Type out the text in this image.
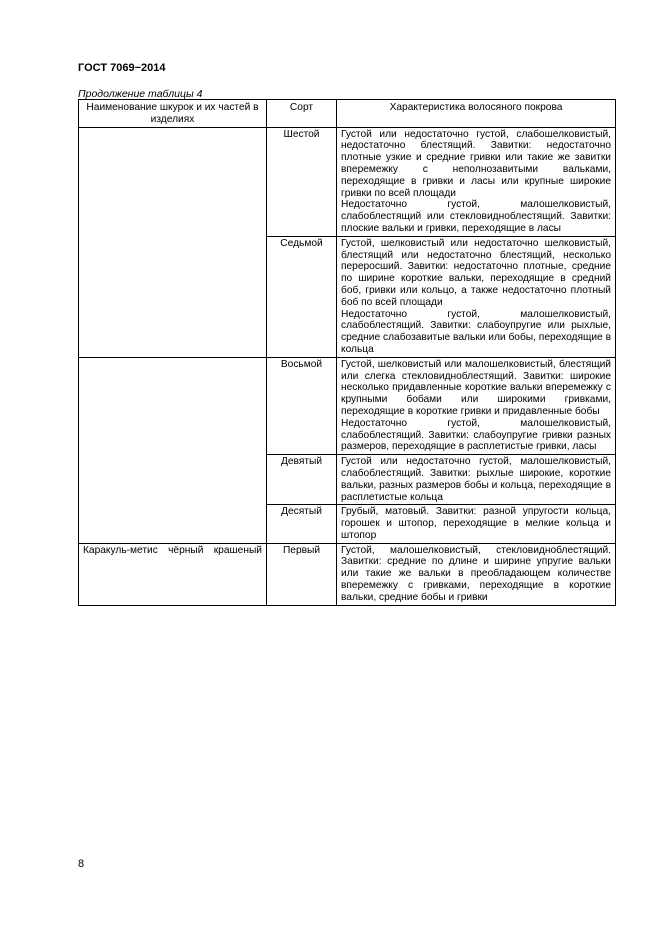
ГОСТ 7069−2014
Продолжение таблицы 4
Наименование шкурок и их частей в изделиях	Сорт	Характеристика волосяного покрова
	Шестой	Густой или недостаточно густой, слабошелковистый, недостаточно блестящий. Завитки: недостаточно плотные узкие и средние гривки или такие же завитки вперемежку с неполнозавитыми вальками, переходящие в гривки и ласы или крупные широкие гривки по всей площади
Недостаточно густой, малошелковистый, слабоблестящий или стекловидноблестящий. Завитки: плоские вальки и гривки, переходящие в ласы

	Седьмой	Густой, шелковистый или недостаточно шелковистый, блестящий или недостаточно блестящий, несколько переросший. Завитки: недостаточно плотные, средние по ширине короткие вальки, переходящие в средний боб, гривки или кольцо, а также недостаточно плотный боб по всей площади
Недостаточно густой, малошелковистый, слабоблестящий. Завитки: слабоупругие или рыхлые, средние слабозавитые вальки или бобы, переходящие в кольца

	Восьмой	Густой, шелковистый или малошелковистый, блестящий или слегка стекловидноблестящий. Завитки: широкие несколько придавленные короткие вальки вперемежку с крупными бобами или широкими гривками, переходящие в короткие гривки и придавленные бобы
Недостаточно густой, малошелковистый, слабоблестящий. Завитки: слабоупругие гривки разных размеров, переходящие в расплетистые гривки, ласы

	Девятый	Густой или недостаточно густой, малошелковистый, слабоблестящий. Завитки: рыхлые широкие, короткие вальки, разных размеров бобы и кольца, переходящие в расплетистые кольца

	Десятый	Грубый, матовый. Завитки: разной упругости кольца, горошек и штопор, переходящие в мелкие кольца и штопор

Каракуль-метис чёрный крашеный	Первый	Густой, малошелковистый, стекловидноблестящий. Завитки: средние по длине и ширине упругие вальки или такие же вальки в преобладающем количестве вперемежку с гривками, переходящие в короткие вальки, средние бобы и гривки
8
